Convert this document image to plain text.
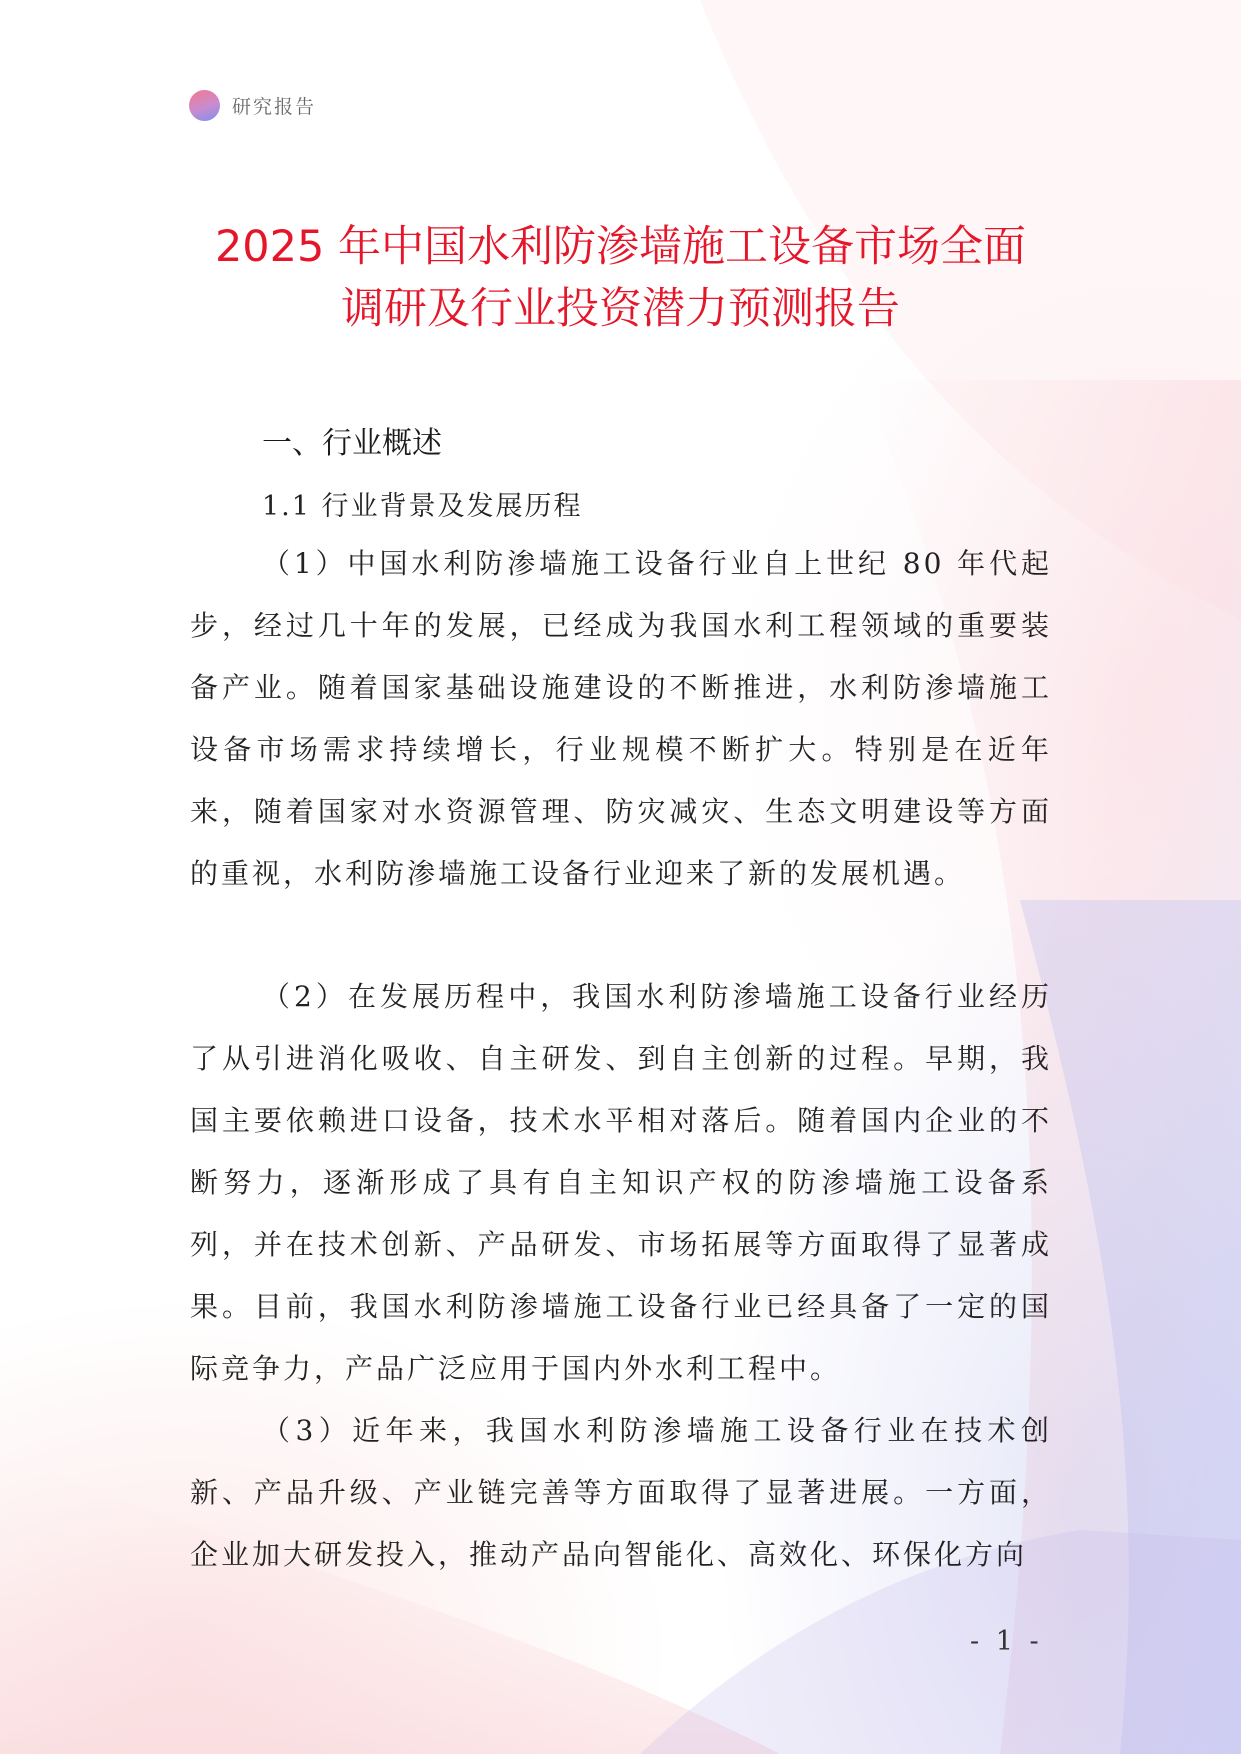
研究报告
2025 年中国水利防渗墙施工设备市场全面
调研及行业投资潜力预测报告
一、行业概述
1.1 行业背景及发展历程

（1）中国水利防渗墙施工设备行业自上世纪 80 年代起步，经过几十年的发展，已经成为我国水利工程领域的重要装备产业。随着国家基础设施建设的不断推进，水利防渗墙施工设备市场需求持续增长，行业规模不断扩大。特别是在近年来，随着国家对水资源管理、防灾减灾、生态文明建设等方面的重视，水利防渗墙施工设备行业迎来了新的发展机遇。

（2）在发展历程中，我国水利防渗墙施工设备行业经历了从引进消化吸收、自主研发、到自主创新的过程。早期，我国主要依赖进口设备，技术水平相对落后。随着国内企业的不断努力，逐渐形成了具有自主知识产权的防渗墙施工设备系列，并在技术创新、产品研发、市场拓展等方面取得了显著成果。目前，我国水利防渗墙施工设备行业已经具备了一定的国际竞争力，产品广泛应用于国内外水利工程中。

（3）近年来，我国水利防渗墙施工设备行业在技术创新、产品升级、产业链完善等方面取得了显著进展。一方面，企业加大研发投入，推动产品向智能化、高效化、环保化方向

- 1 -
